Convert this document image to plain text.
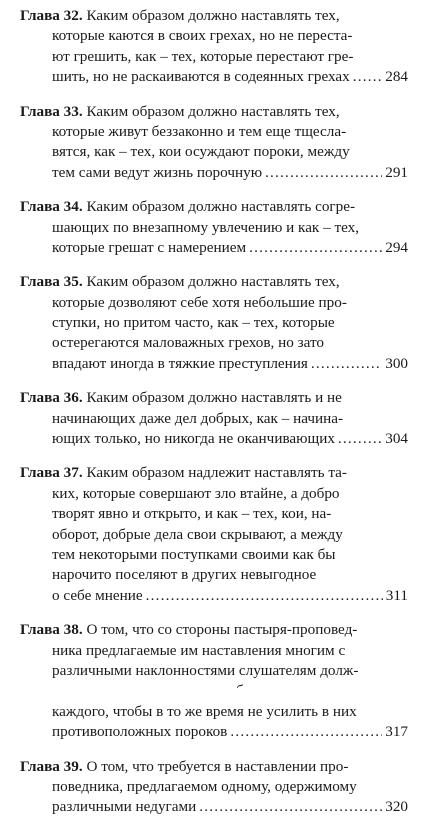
Глава 32. Каким образом должно наставлять тех,
которые каются в своих грехах, но не переста-
ют грешить, как – тех, которые перестают гре-
шить, но не раскаиваются в содеянных грехах ..... 284
Глава 33. Каким образом должно наставлять тех,
которые живут беззаконно и тем еще тщесла-
вятся, как – тех, кои осуждают пороки, между
тем сами ведут жизнь порочную .....	291
Глава 34. Каким образом должно наставлять согре-
шающих по внезапному увлечению и как – тех,
которые грешат с намерением .....	294
Глава 35. Каким образом должно наставлять тех,
которые дозволяют себе хотя небольшие про-
ступки, но притом часто, как – тех, которые
остерегаются маловажных грехов, но зато
впадают иногда в тяжкие преступления .....	300
Глава 36. Каким образом должно наставлять и не
начинающих даже дел добрых, как – начина-
ющих только, но никогда не оканчивающих .....	304
Глава 37. Каким образом надлежит наставлять та-
ких, которые совершают зло втайне, а добро
творят явно и открыто, и как – тех, кои, на-
оборот, добрые дела свои скрывают, а между
тем некоторыми поступками своими как бы
нарочито поселяют в других невыгодное
о себе мнение .....	311
Глава 38. О том, что со стороны пастыря-проповед-
ника предлагаемые им наставления многим с
различными наклонностями слушателям долж-
каждого, чтобы в то же время не усилить в них
противоположных пороков .....	317
Глава 39. О том, что требуется в наставлении про-
поведника, предлагаемом одному, одержимому
различными недугами .....	320
